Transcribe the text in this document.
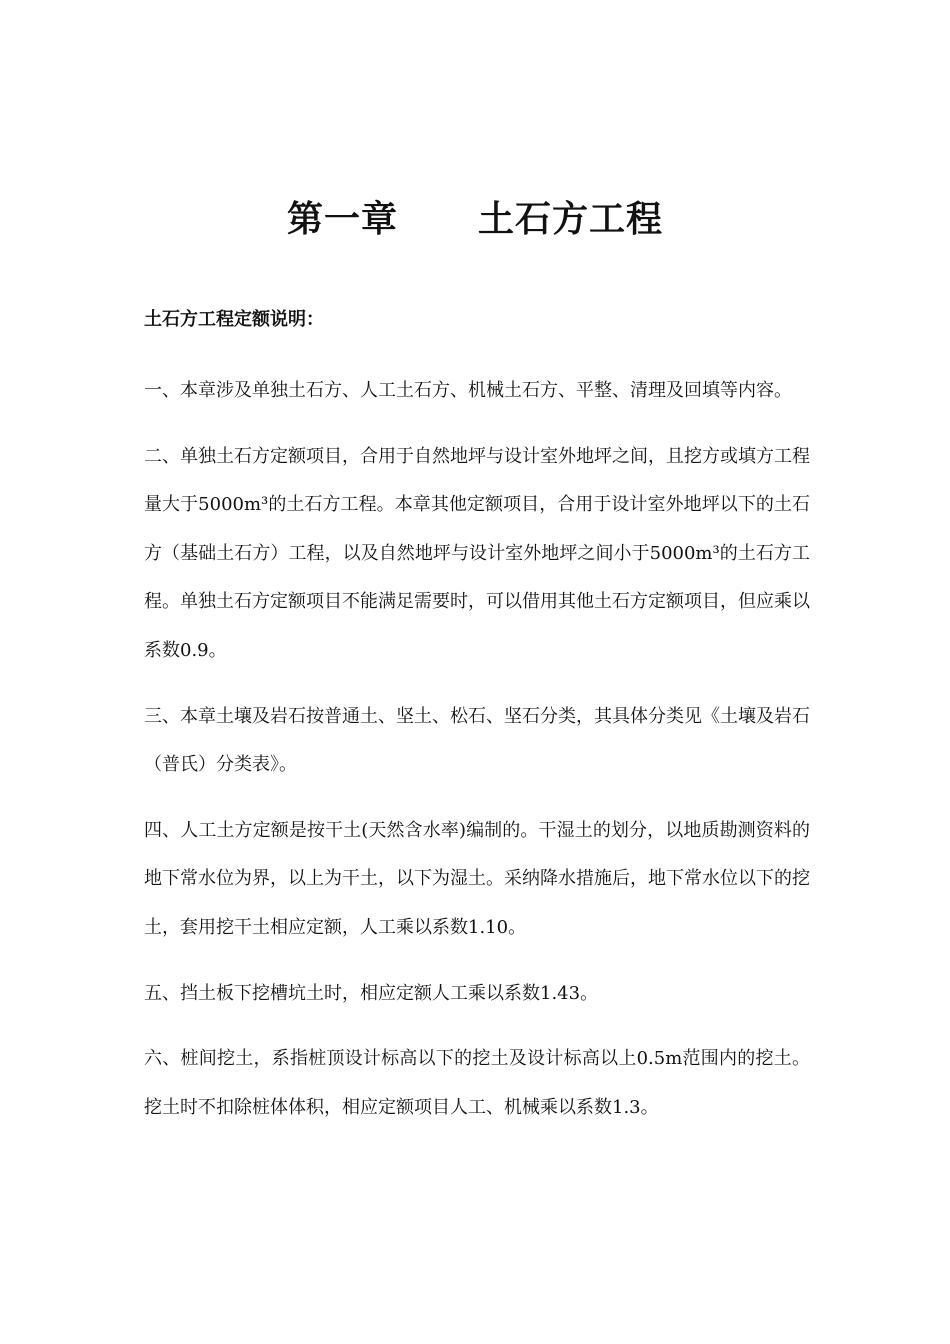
第一章 土石方工程
土石方工程定额说明：

一、本章涉及单独土石方、人工土石方、机械土石方、平整、清理及回填等内容。

二、单独土石方定额项目，合用于自然地坪与设计室外地坪之间，且挖方或填方工程量大于5000m³的土石方工程。本章其他定额项目，合用于设计室外地坪以下的土石方（基础土石方）工程，以及自然地坪与设计室外地坪之间小于5000m³的土石方工程。单独土石方定额项目不能满足需要时，可以借用其他土石方定额项目，但应乘以系数0.9。

三、本章土壤及岩石按普通土、坚土、松石、坚石分类，其具体分类见《土壤及岩石（普氏）分类表》。

四、人工土方定额是按干土(天然含水率)编制的。干湿土的划分，以地质勘测资料的地下常水位为界，以上为干土，以下为湿土。采纳降水措施后，地下常水位以下的挖土，套用挖干土相应定额，人工乘以系数1.10。

五、挡土板下挖槽坑土时，相应定额人工乘以系数1.43。

六、桩间挖土，系指桩顶设计标高以下的挖土及设计标高以上0.5m范围内的挖土。挖土时不扣除桩体体积，相应定额项目人工、机械乘以系数1.3。
